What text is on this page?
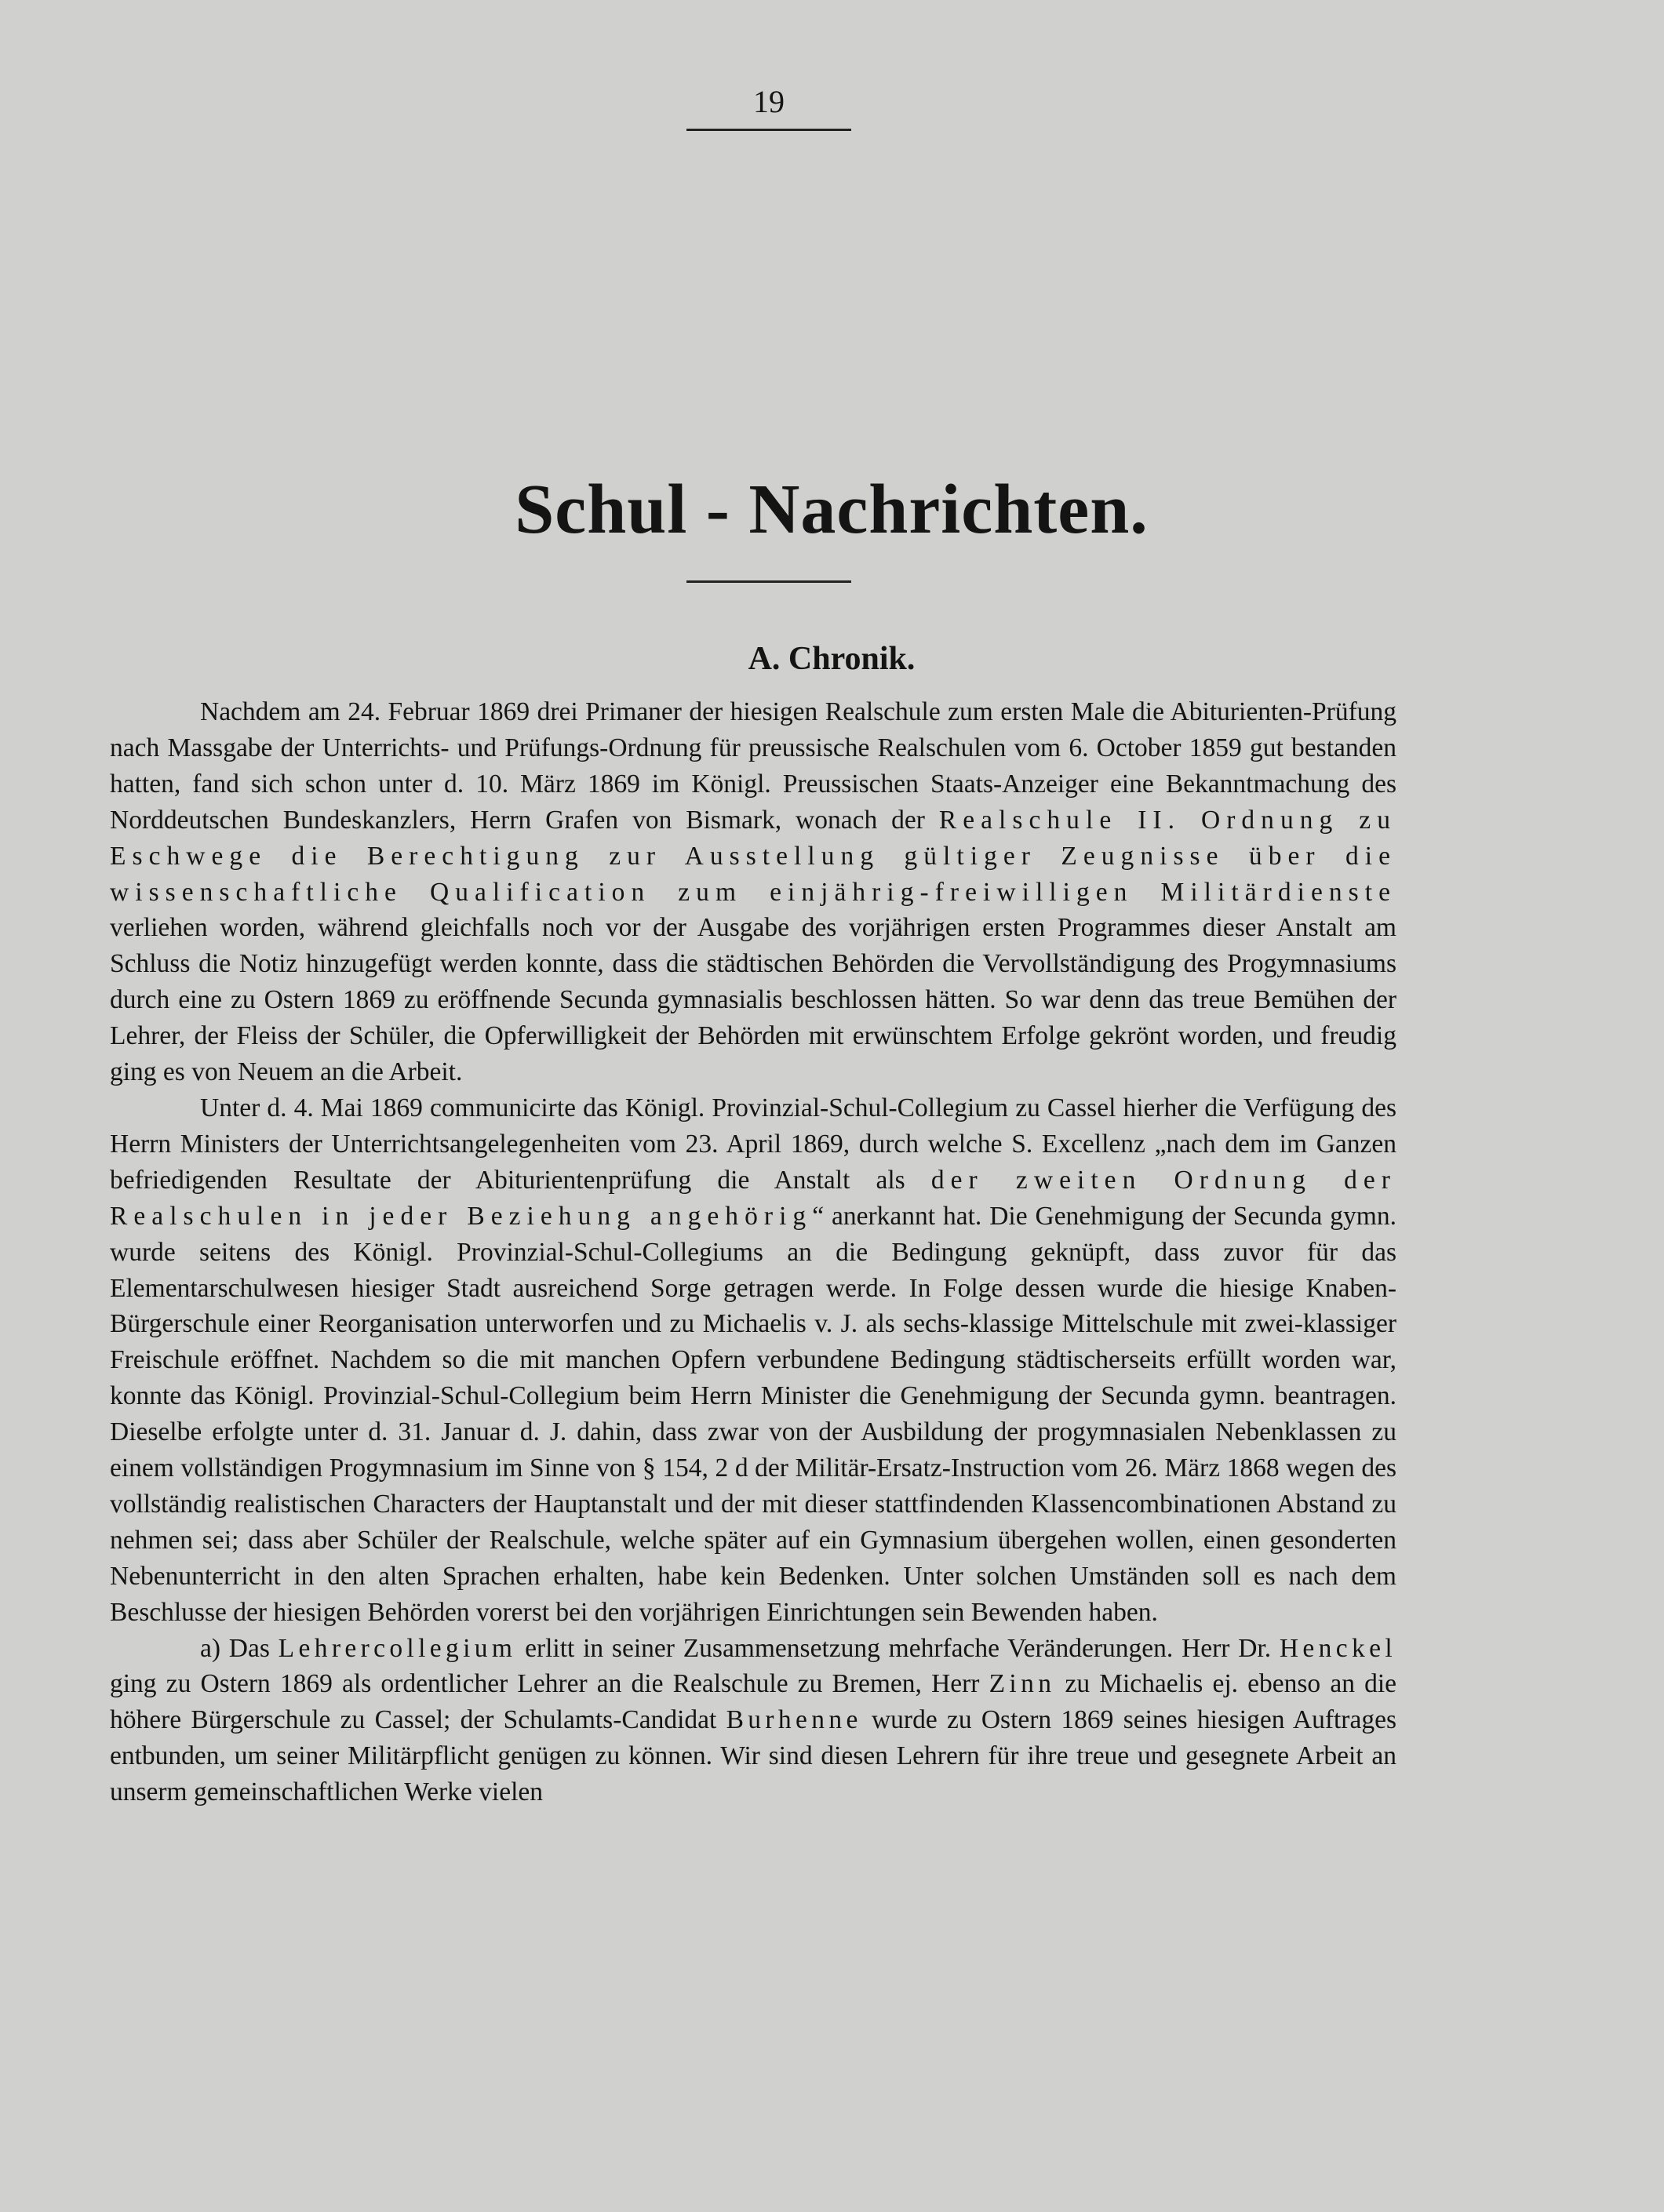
19
Schul - Nachrichten.
A. Chronik.

Nachdem am 24. Februar 1869 drei Primaner der hiesigen Realschule zum ersten Male die Abiturienten-Prüfung nach Massgabe der Unterrichts- und Prüfungs-Ordnung für preussische Realschulen vom 6. October 1859 gut bestanden hatten, fand sich schon unter d. 10. März 1869 im Königl. Preussischen Staats-Anzeiger eine Bekanntmachung des Norddeutschen Bundeskanzlers, Herrn Grafen von Bismark, wonach der Realschule II. Ordnung zu Eschwege die Berechtigung zur Ausstellung gültiger Zeugnisse über die wissenschaftliche Qualification zum einjährig-freiwilligen Militärdienste verliehen worden, während gleichfalls noch vor der Ausgabe des vorjährigen ersten Programmes dieser Anstalt am Schluss die Notiz hinzugefügt werden konnte, dass die städtischen Behörden die Vervollständigung des Progymnasiums durch eine zu Ostern 1869 zu eröffnende Secunda gymnasialis beschlossen hätten. So war denn das treue Bemühen der Lehrer, der Fleiss der Schüler, die Opferwilligkeit der Behörden mit erwünschtem Erfolge gekrönt worden, und freudig ging es von Neuem an die Arbeit.

Unter d. 4. Mai 1869 communicirte das Königl. Provinzial-Schul-Collegium zu Cassel hierher die Verfügung des Herrn Ministers der Unterrichtsangelegenheiten vom 23. April 1869, durch welche S. Excellenz „nach dem im Ganzen befriedigenden Resultate der Abiturientenprüfung die Anstalt als der zweiten Ordnung der Realschulen in jeder Beziehung angehörig“ anerkannt hat. Die Genehmigung der Secunda gymn. wurde seitens des Königl. Provinzial-Schul-Collegiums an die Bedingung geknüpft, dass zuvor für das Elementarschulwesen hiesiger Stadt ausreichend Sorge getragen werde. In Folge dessen wurde die hiesige Knaben-Bürgerschule einer Reorganisation unterworfen und zu Michaelis v. J. als sechs-klassige Mittelschule mit zwei-klassiger Freischule eröffnet. Nachdem so die mit manchen Opfern verbundene Bedingung städtischerseits erfüllt worden war, konnte das Königl. Provinzial-Schul-Collegium beim Herrn Minister die Genehmigung der Secunda gymn. beantragen. Dieselbe erfolgte unter d. 31. Januar d. J. dahin, dass zwar von der Ausbildung der progymnasialen Nebenklassen zu einem vollständigen Progymnasium im Sinne von § 154, 2 d der Militär-Ersatz-Instruction vom 26. März 1868 wegen des vollständig realistischen Characters der Hauptanstalt und der mit dieser stattfindenden Klassencombinationen Abstand zu nehmen sei; dass aber Schüler der Realschule, welche später auf ein Gymnasium übergehen wollen, einen gesonderten Nebenunterricht in den alten Sprachen erhalten, habe kein Bedenken. Unter solchen Umständen soll es nach dem Beschlusse der hiesigen Behörden vorerst bei den vorjährigen Einrichtungen sein Bewenden haben.

a) Das Lehrercollegium erlitt in seiner Zusammensetzung mehrfache Veränderungen. Herr Dr. Henckel ging zu Ostern 1869 als ordentlicher Lehrer an die Realschule zu Bremen, Herr Zinn zu Michaelis ej. ebenso an die höhere Bürgerschule zu Cassel; der Schulamts-Candidat Burhenne wurde zu Ostern 1869 seines hiesigen Auftrages entbunden, um seiner Militärpflicht genügen zu können. Wir sind diesen Lehrern für ihre treue und gesegnete Arbeit an unserm gemeinschaftlichen Werke vielen
